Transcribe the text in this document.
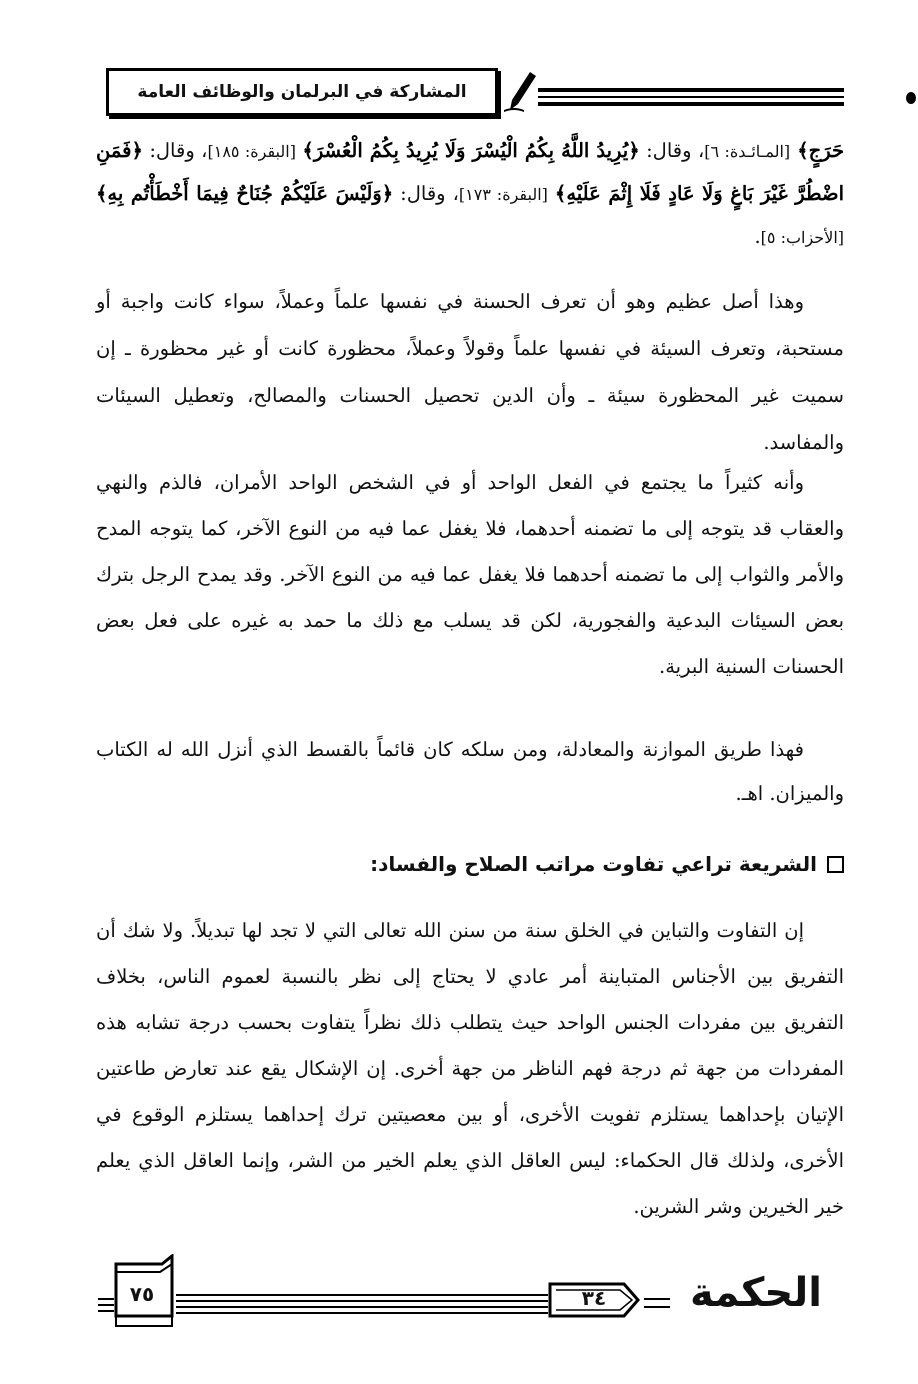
المشاركة في البرلمان والوظائف العامة
حَرَجٍ﴾ [المـائـدة: ٦]، وقال: ﴿يُرِيدُ اللَّهُ بِكُمُ الْيُسْرَ وَلَا يُرِيدُ بِكُمُ الْعُسْرَ﴾ [البقرة: ١٨٥]، وقال: ﴿فَمَنِ اضْطُرَّ غَيْرَ بَاغٍ وَلَا عَادٍ فَلَا إِثْمَ عَلَيْهِ﴾ [البقرة: ١٧٣]، وقال: ﴿وَلَيْسَ عَلَيْكُمْ جُنَاحٌ فِيمَا أَخْطَأْتُم بِهِ﴾ [الأحزاب: ٥].
وهذا أصل عظيم وهو أن تعرف الحسنة في نفسها علماً وعملاً، سواء كانت واجبة أو مستحبة، وتعرف السيئة في نفسها علماً وقولاً وعملاً، محظورة كانت أو غير محظورة ـ إن سميت غير المحظورة سيئة ـ وأن الدين تحصيل الحسنات والمصالح، وتعطيل السيئات والمفاسد.
وأنه كثيراً ما يجتمع في الفعل الواحد أو في الشخص الواحد الأمران، فالذم والنهي والعقاب قد يتوجه إلى ما تضمنه أحدهما، فلا يغفل عما فيه من النوع الآخر، كما يتوجه المدح والأمر والثواب إلى ما تضمنه أحدهما فلا يغفل عما فيه من النوع الآخر. وقد يمدح الرجل بترك بعض السيئات البدعية والفجورية، لكن قد يسلب مع ذلك ما حمد به غيره على فعل بعض الحسنات السنية البرية.
فهذا طريق الموازنة والمعادلة، ومن سلكه كان قائماً بالقسط الذي أنزل الله له الكتاب والميزان. اهـ.
الشريعة تراعي تفاوت مراتب الصلاح والفساد:
إن التفاوت والتباين في الخلق سنة من سنن الله تعالى التي لا تجد لها تبديلاً. ولا شك أن التفريق بين الأجناس المتباينة أمر عادي لا يحتاج إلى نظر بالنسبة لعموم الناس، بخلاف التفريق بين مفردات الجنس الواحد حيث يتطلب ذلك نظراً يتفاوت بحسب درجة تشابه هذه المفردات من جهة ثم درجة فهم الناظر من جهة أخرى. إن الإشكال يقع عند تعارض طاعتين الإتيان بإحداهما يستلزم تفويت الأخرى، أو بين معصيتين ترك إحداهما يستلزم الوقوع في الأخرى، ولذلك قال الحكماء: ليس العاقل الذي يعلم الخير من الشر، وإنما العاقل الذي يعلم خير الخيرين وشر الشرين.
٧٥	٣٤	الحكمة
